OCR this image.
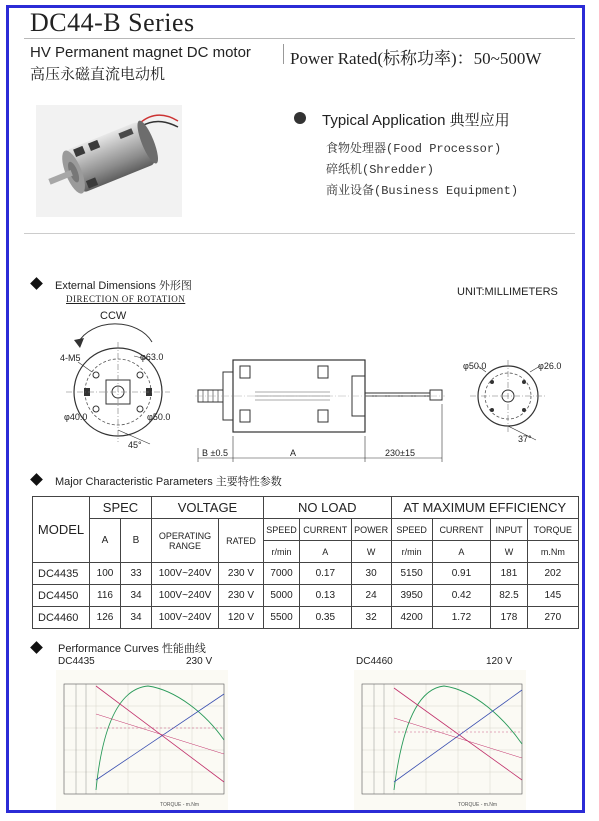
DC44-B Series
HV Permanent magnet DC motor
高压永磁直流电动机
Power Rated(标称功率)：50~500W
Typical Application 典型应用
食物处理器(Food Processor)
碎纸机(Shredder)
商业设备(Business Equipment)
External Dimensions 外形图	UNIT:MILLIMETERS
DIRECTION OF ROTATION
CCW
4-M5	φ63.0
φ40.0	φ50.0
45°
B ±0.5	A	230±15
φ50.0	φ26.0
37°
Major Characteristic Parameters 主要特性参数
MODEL	SPEC		VOLTAGE		NO LOAD			AT MAXIMUM EFFICIENCY			
	A	B	OPERATING RANGE	RATED	SPEED	CURRENT	POWER	SPEED	CURRENT	INPUT	TORQUE
					r/min	A	W	r/min	A	W	m.Nm
DC4435	100	33	100V~240V	230 V	7000	0.17	30	5150	0.91	181	202
DC4450	116	34	100V~240V	230 V	5000	0.13	24	3950	0.42	82.5	145
DC4460	126	34	100V~240V	120 V	5500	0.35	32	4200	1.72	178	270
Performance Curves 性能曲线
DC4435	230 V	DC4460	120 V
TORQUE - m.Nm	TORQUE - m.Nm
